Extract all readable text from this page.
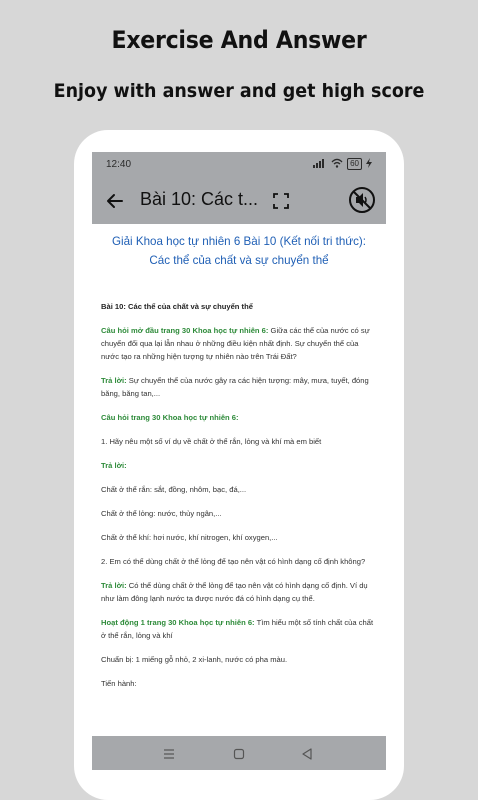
Exercise And Answer
Enjoy with answer and get high score
12:40	60
Bài 10: Các t...
Giải Khoa học tự nhiên 6 Bài 10 (Kết nối tri thức): Các thể của chất và sự chuyển thể
Bài 10: Các thể của chất và sự chuyển thể
Câu hỏi mở đầu trang 30 Khoa học tự nhiên 6: Giữa các thể của nước có sự chuyển đổi qua lại lẫn nhau ở những điều kiện nhất định. Sự chuyển thể của nước tạo ra những hiện tượng tự nhiên nào trên Trái Đất?
Trả lời: Sự chuyển thể của nước gây ra các hiện tượng: mây, mưa, tuyết, đóng băng, băng tan,...
Câu hỏi trang 30 Khoa học tự nhiên 6:
1. Hãy nêu một số ví dụ về chất ở thể rắn, lỏng và khí mà em biết
Trả lời:
Chất ở thể rắn: sắt, đồng, nhôm, bạc, đá,...
Chất ở thể lỏng: nước, thủy ngân,...
Chất ở thể khí: hơi nước, khí nitrogen, khí oxygen,...
2. Em có thể dùng chất ở thể lỏng để tạo nên vật có hình dạng cố định không?
Trả lời: Có thể dùng chất ở thể lỏng để tạo nên vật có hình dạng cố định. Ví dụ như làm đông lạnh nước ta được nước đá có hình dạng cụ thể.
Hoạt động 1 trang 30 Khoa học tự nhiên 6: Tìm hiểu một số tính chất của chất ở thể rắn, lỏng và khí
Chuẩn bị: 1 miếng gỗ nhỏ, 2 xi-lanh, nước có pha màu.
Tiến hành:
